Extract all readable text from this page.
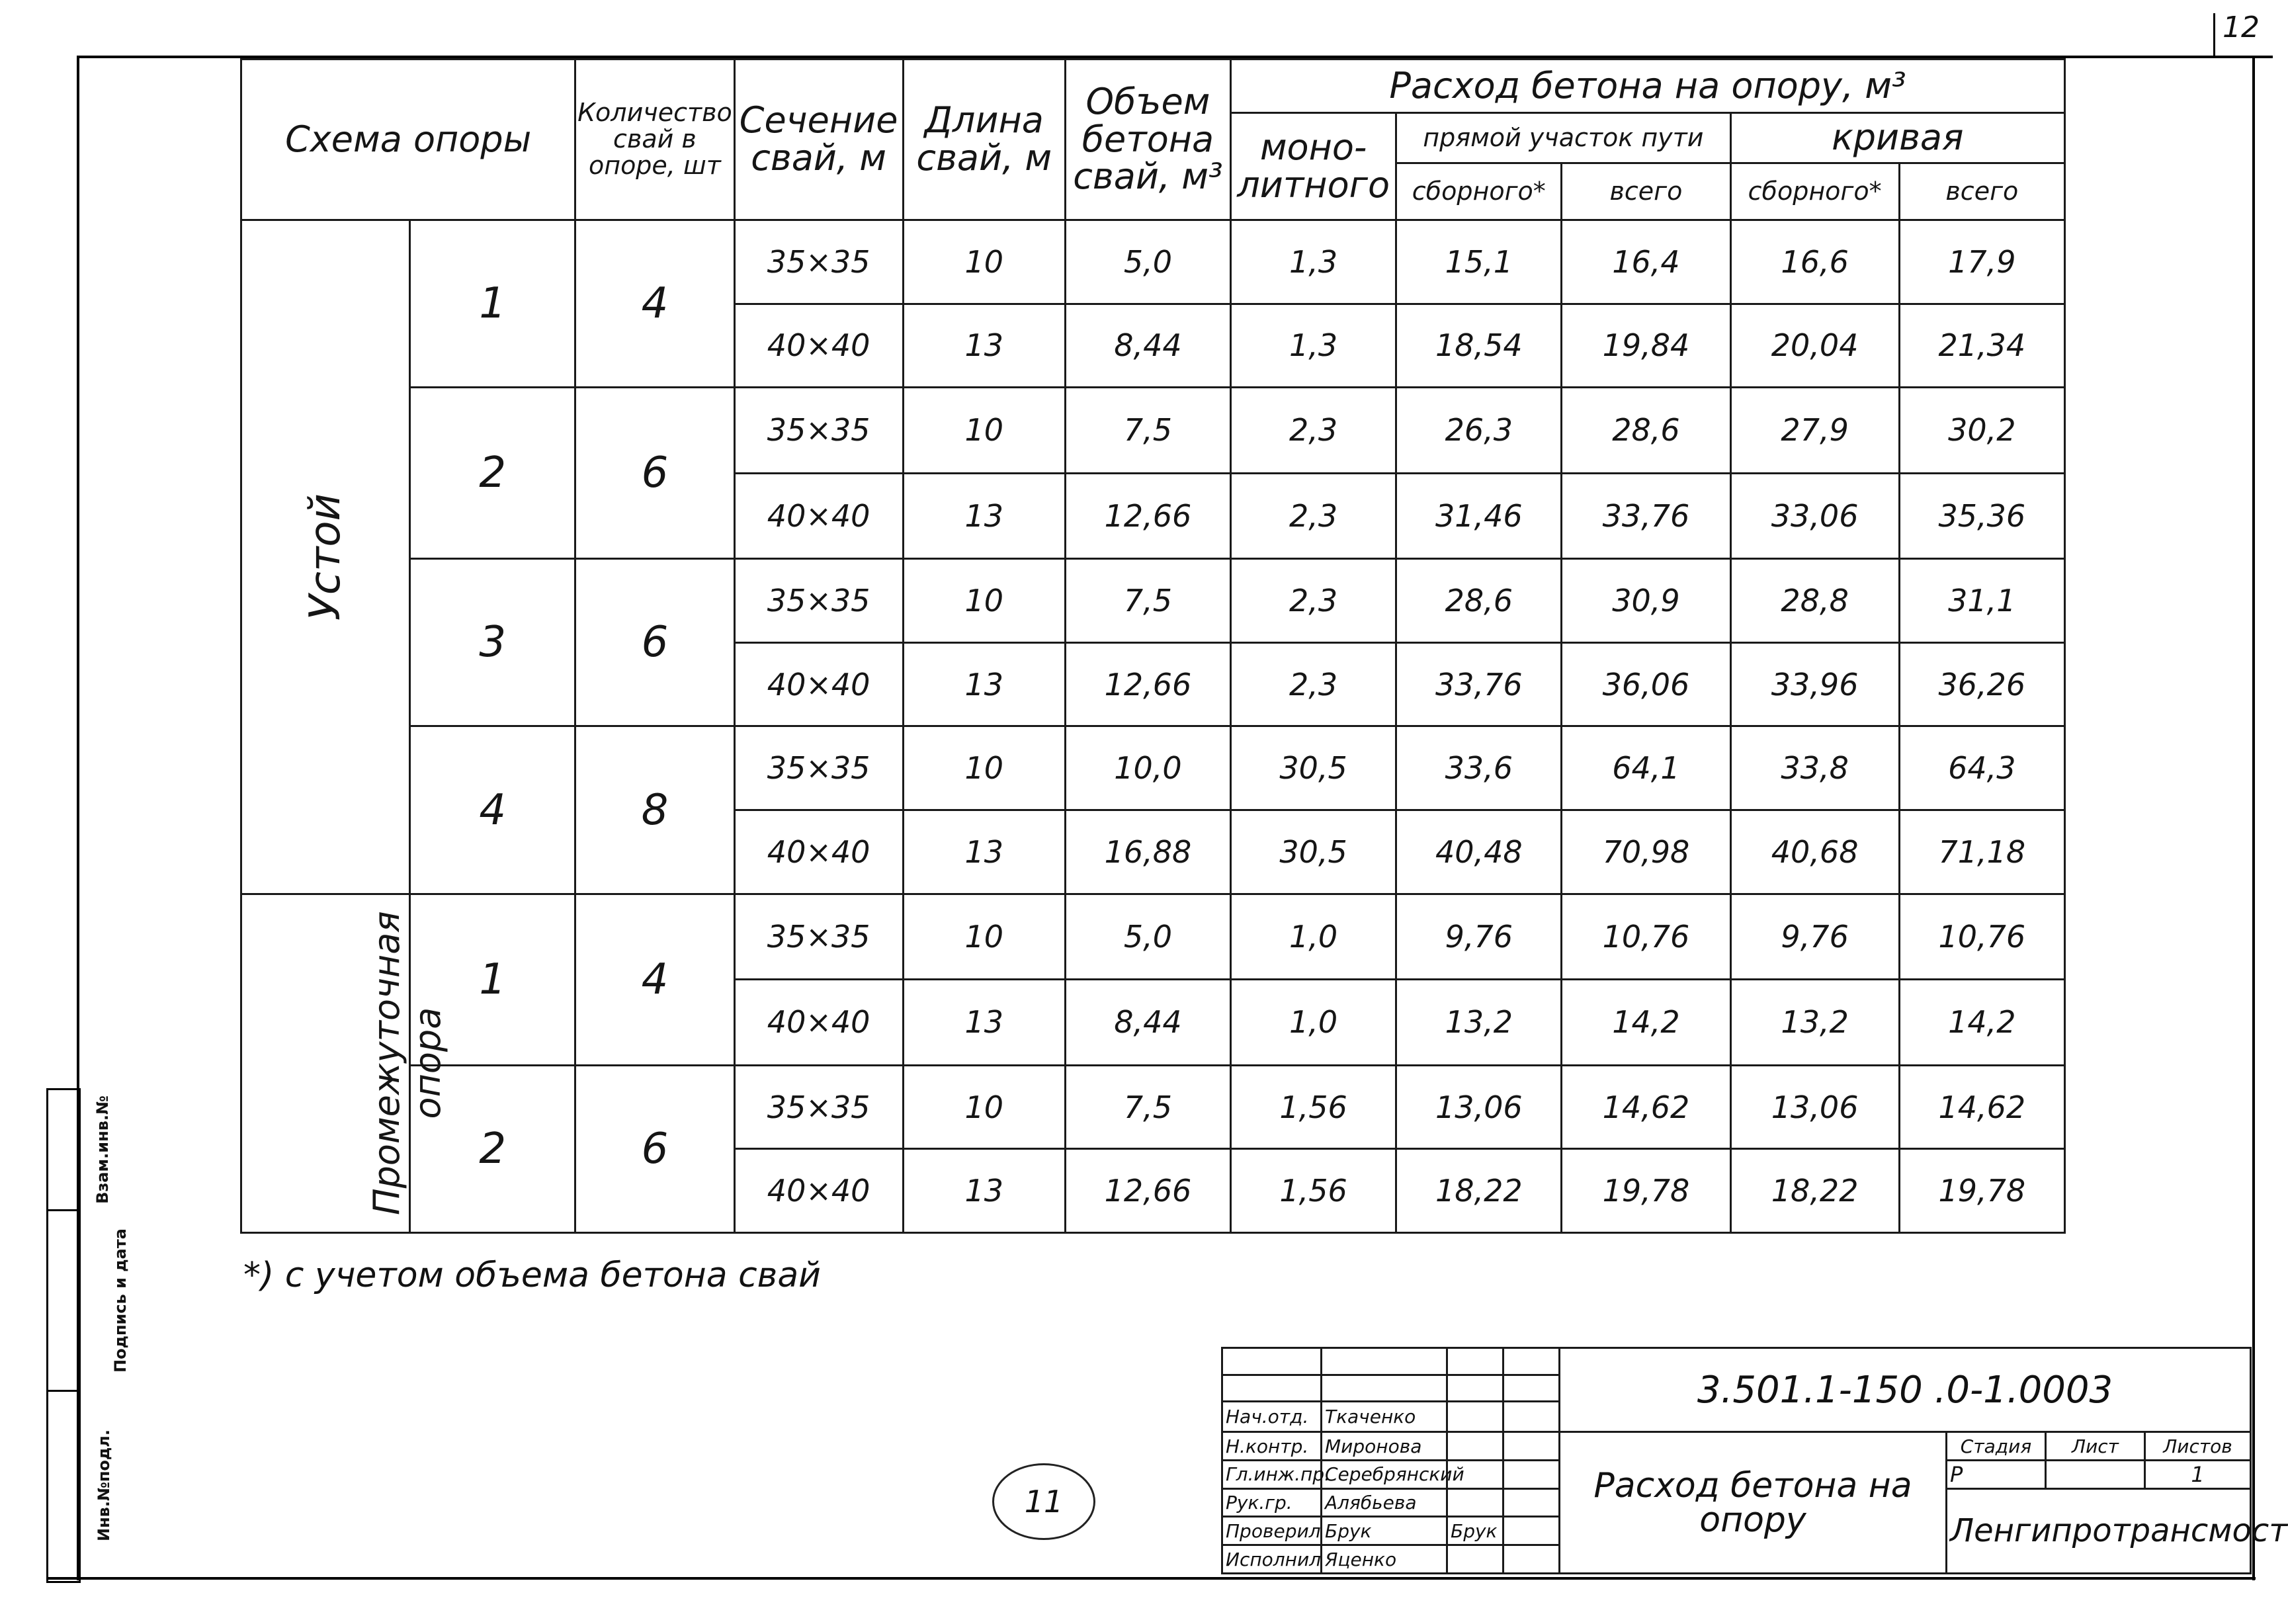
12
Схема опоры		Количество свай в опоре, шт	Сечение свай, м	Длина свай, м	Объем бетона свай, м³	Расход бетона на опору, м³				
						моно-литного	прямой участок пути		кривая	
							сборного*	всего	сборного*	всего
Устой	1	4	35×35	10	5,0	1,3	15,1	16,4	16,6	17,9
			40×40	13	8,44	1,3	18,54	19,84	20,04	21,34
	2	6	35×35	10	7,5	2,3	26,3	28,6	27,9	30,2
			40×40	13	12,66	2,3	31,46	33,76	33,06	35,36
	3	6	35×35	10	7,5	2,3	28,6	30,9	28,8	31,1
			40×40	13	12,66	2,3	33,76	36,06	33,96	36,26
	4	8	35×35	10	10,0	30,5	33,6	64,1	33,8	64,3
			40×40	13	16,88	30,5	40,48	70,98	40,68	71,18
Промежуточная опора	1	4	35×35	10	5,0	1,0	9,76	10,76	9,76	10,76
			40×40	13	8,44	1,0	13,2	14,2	13,2	14,2
	2	6	35×35	10	7,5	1,56	13,06	14,62	13,06	14,62
			40×40	13	12,66	1,56	18,22	19,78	18,22	19,78
*) с учетом объема бетона свай
11
				3.501.1-150 .0-1.0003			

Нач.отд.	Ткаченко						
Н.контр.	Миронова			Расход бетона на опору	Стадия	Лист	Листов
Гл.инж.пр.	Серебрянский				Р		1
Рук.гр.	Алябьева				Ленгипротрансмост		
Проверил	Брук	Брук					
Исполнил	Яценко						
Взам.инв.№
Подпись и дата
Инв.№подл.
